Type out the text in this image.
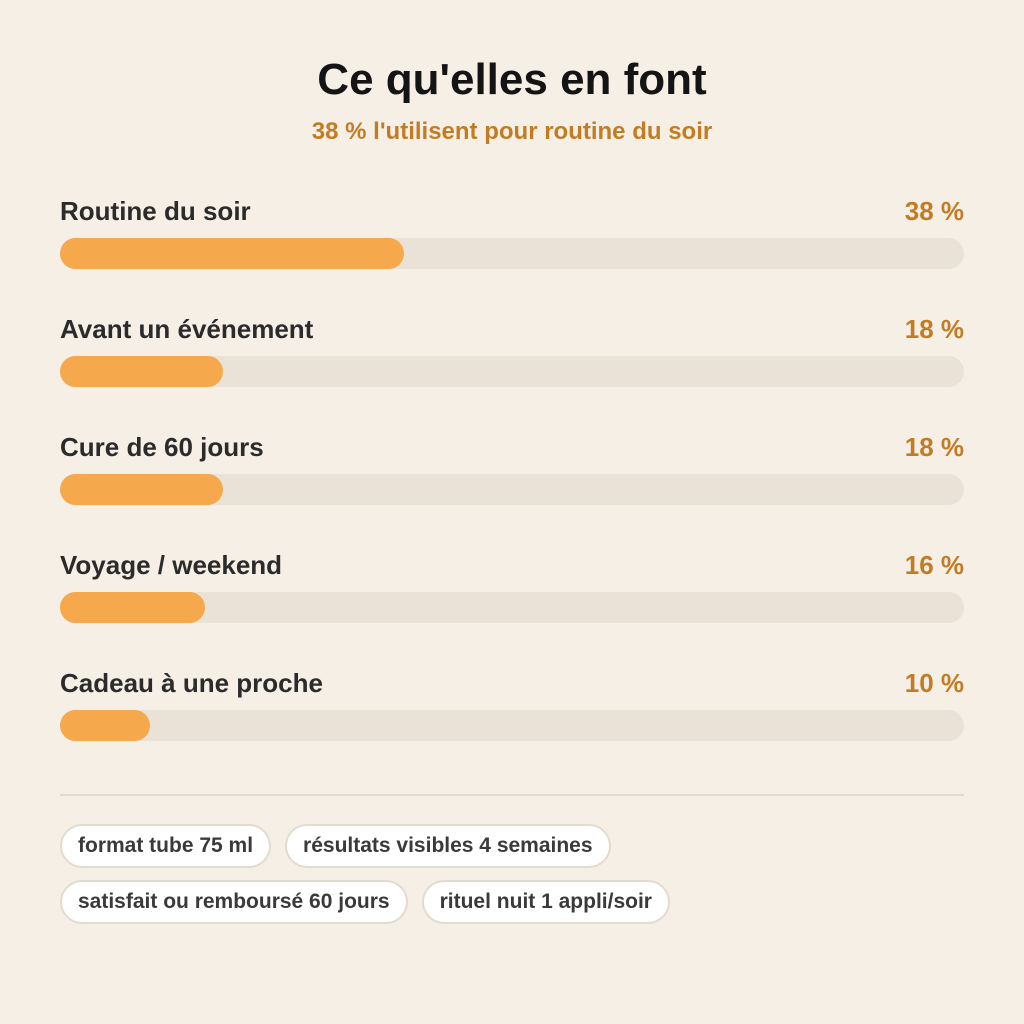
Ce qu'elles en font
38 % l'utilisent pour routine du soir
Routine du soir	38 %
Avant un événement	18 %
Cure de 60 jours	18 %
Voyage / weekend	16 %
Cadeau à une proche	10 %
format tube 75 ml	résultats visibles 4 semaines
satisfait ou remboursé 60 jours	rituel nuit 1 appli/soir
